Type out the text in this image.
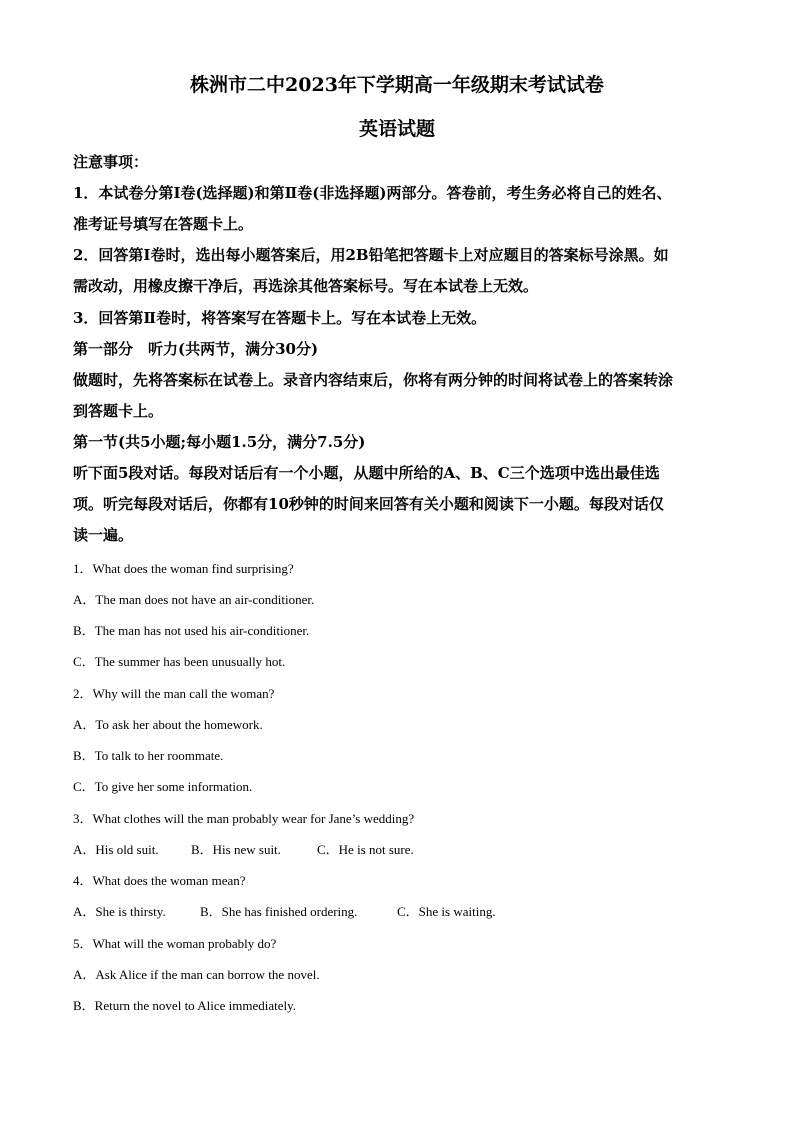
株洲市二中2023年下学期高一年级期末考试试卷
英语试题
注意事项：
1．本试卷分第Ⅰ卷(选择题)和第Ⅱ卷(非选择题)两部分。答卷前，考生务必将自己的姓名、
准考证号填写在答题卡上。
2．回答第Ⅰ卷时，选出每小题答案后，用2B铅笔把答题卡上对应题目的答案标号涂黑。如
需改动，用橡皮擦干净后，再选涂其他答案标号。写在本试卷上无效。
3．回答第Ⅱ卷时，将答案写在答题卡上。写在本试卷上无效。
第一部分　听力(共两节，满分30分)
做题时，先将答案标在试卷上。录音内容结束后，你将有两分钟的时间将试卷上的答案转涂
到答题卡上。
第一节(共5小题;每小题1.5分，满分7.5分)
听下面5段对话。每段对话后有一个小题，从题中所给的A、B、C三个选项中选出最佳选
项。听完每段对话后，你都有10秒钟的时间来回答有关小题和阅读下一小题。每段对话仅
读一遍。
1．What does the woman find surprising?
A．The man does not have an air-conditioner.
B．The man has not used his air-conditioner.
C．The summer has been unusually hot.
2．Why will the man call the woman?
A．To ask her about the homework.
B．To talk to her roommate.
C．To give her some information.
3．What clothes will the man probably wear for Jane’s wedding?
A．His old suit. B．His new suit.	C．He is not sure.
4．What does the woman mean?
A．She is thirsty.	B．She has finished ordering.	C．She is waiting.
5．What will the woman probably do?
A．Ask Alice if the man can borrow the novel.
B．Return the novel to Alice immediately.
